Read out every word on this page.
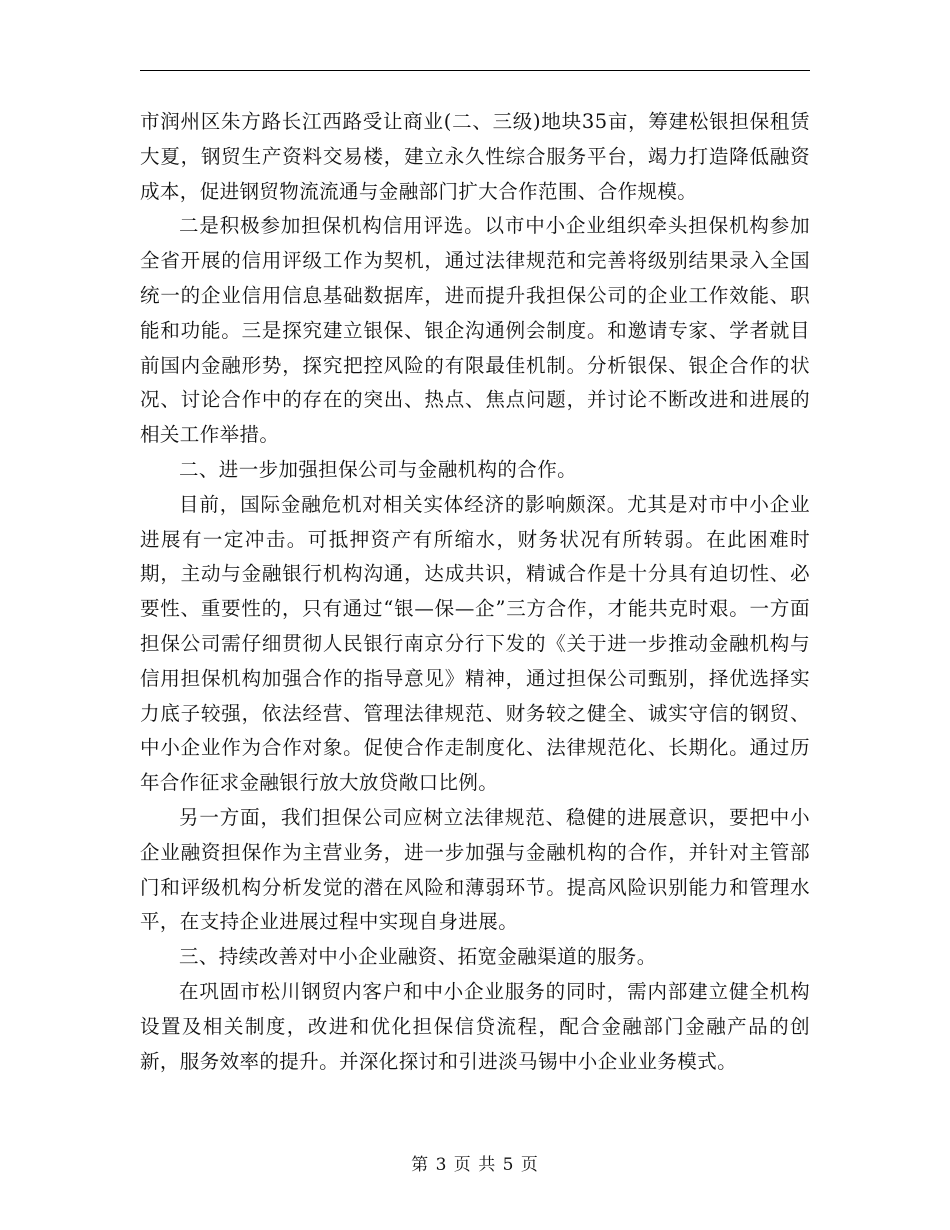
市润州区朱方路长江西路受让商业(二、三级)地块35亩，筹建松银担保租赁大夏，钢贸生产资料交易楼，建立永久性综合服务平台，竭力打造降低融资成本，促进钢贸物流流通与金融部门扩大合作范围、合作规模。

二是积极参加担保机构信用评选。以市中小企业组织牵头担保机构参加全省开展的信用评级工作为契机，通过法律规范和完善将级别结果录入全国统一的企业信用信息基础数据库，进而提升我担保公司的企业工作效能、职能和功能。三是探究建立银保、银企沟通例会制度。和邀请专家、学者就目前国内金融形势，探究把控风险的有限最佳机制。分析银保、银企合作的状况、讨论合作中的存在的突出、热点、焦点问题，并讨论不断改进和进展的相关工作举措。

二、进一步加强担保公司与金融机构的合作。

目前，国际金融危机对相关实体经济的影响颇深。尤其是对市中小企业进展有一定冲击。可抵押资产有所缩水，财务状况有所转弱。在此困难时期，主动与金融银行机构沟通，达成共识，精诚合作是十分具有迫切性、必要性、重要性的，只有通过“银—保—企”三方合作，才能共克时艰。一方面担保公司需仔细贯彻人民银行南京分行下发的《关于进一步推动金融机构与信用担保机构加强合作的指导意见》精神，通过担保公司甄别，择优选择实力底子较强，依法经营、管理法律规范、财务较之健全、诚实守信的钢贸、中小企业作为合作对象。促使合作走制度化、法律规范化、长期化。通过历年合作征求金融银行放大放贷敞口比例。

另一方面，我们担保公司应树立法律规范、稳健的进展意识，要把中小企业融资担保作为主营业务，进一步加强与金融机构的合作，并针对主管部门和评级机构分析发觉的潜在风险和薄弱环节。提高风险识别能力和管理水平，在支持企业进展过程中实现自身进展。

三、持续改善对中小企业融资、拓宽金融渠道的服务。

在巩固市松川钢贸内客户和中小企业服务的同时，需内部建立健全机构设置及相关制度，改进和优化担保信贷流程，配合金融部门金融产品的创新，服务效率的提升。并深化探讨和引进淡马锡中小企业业务模式。

第 3 页 共 5 页
